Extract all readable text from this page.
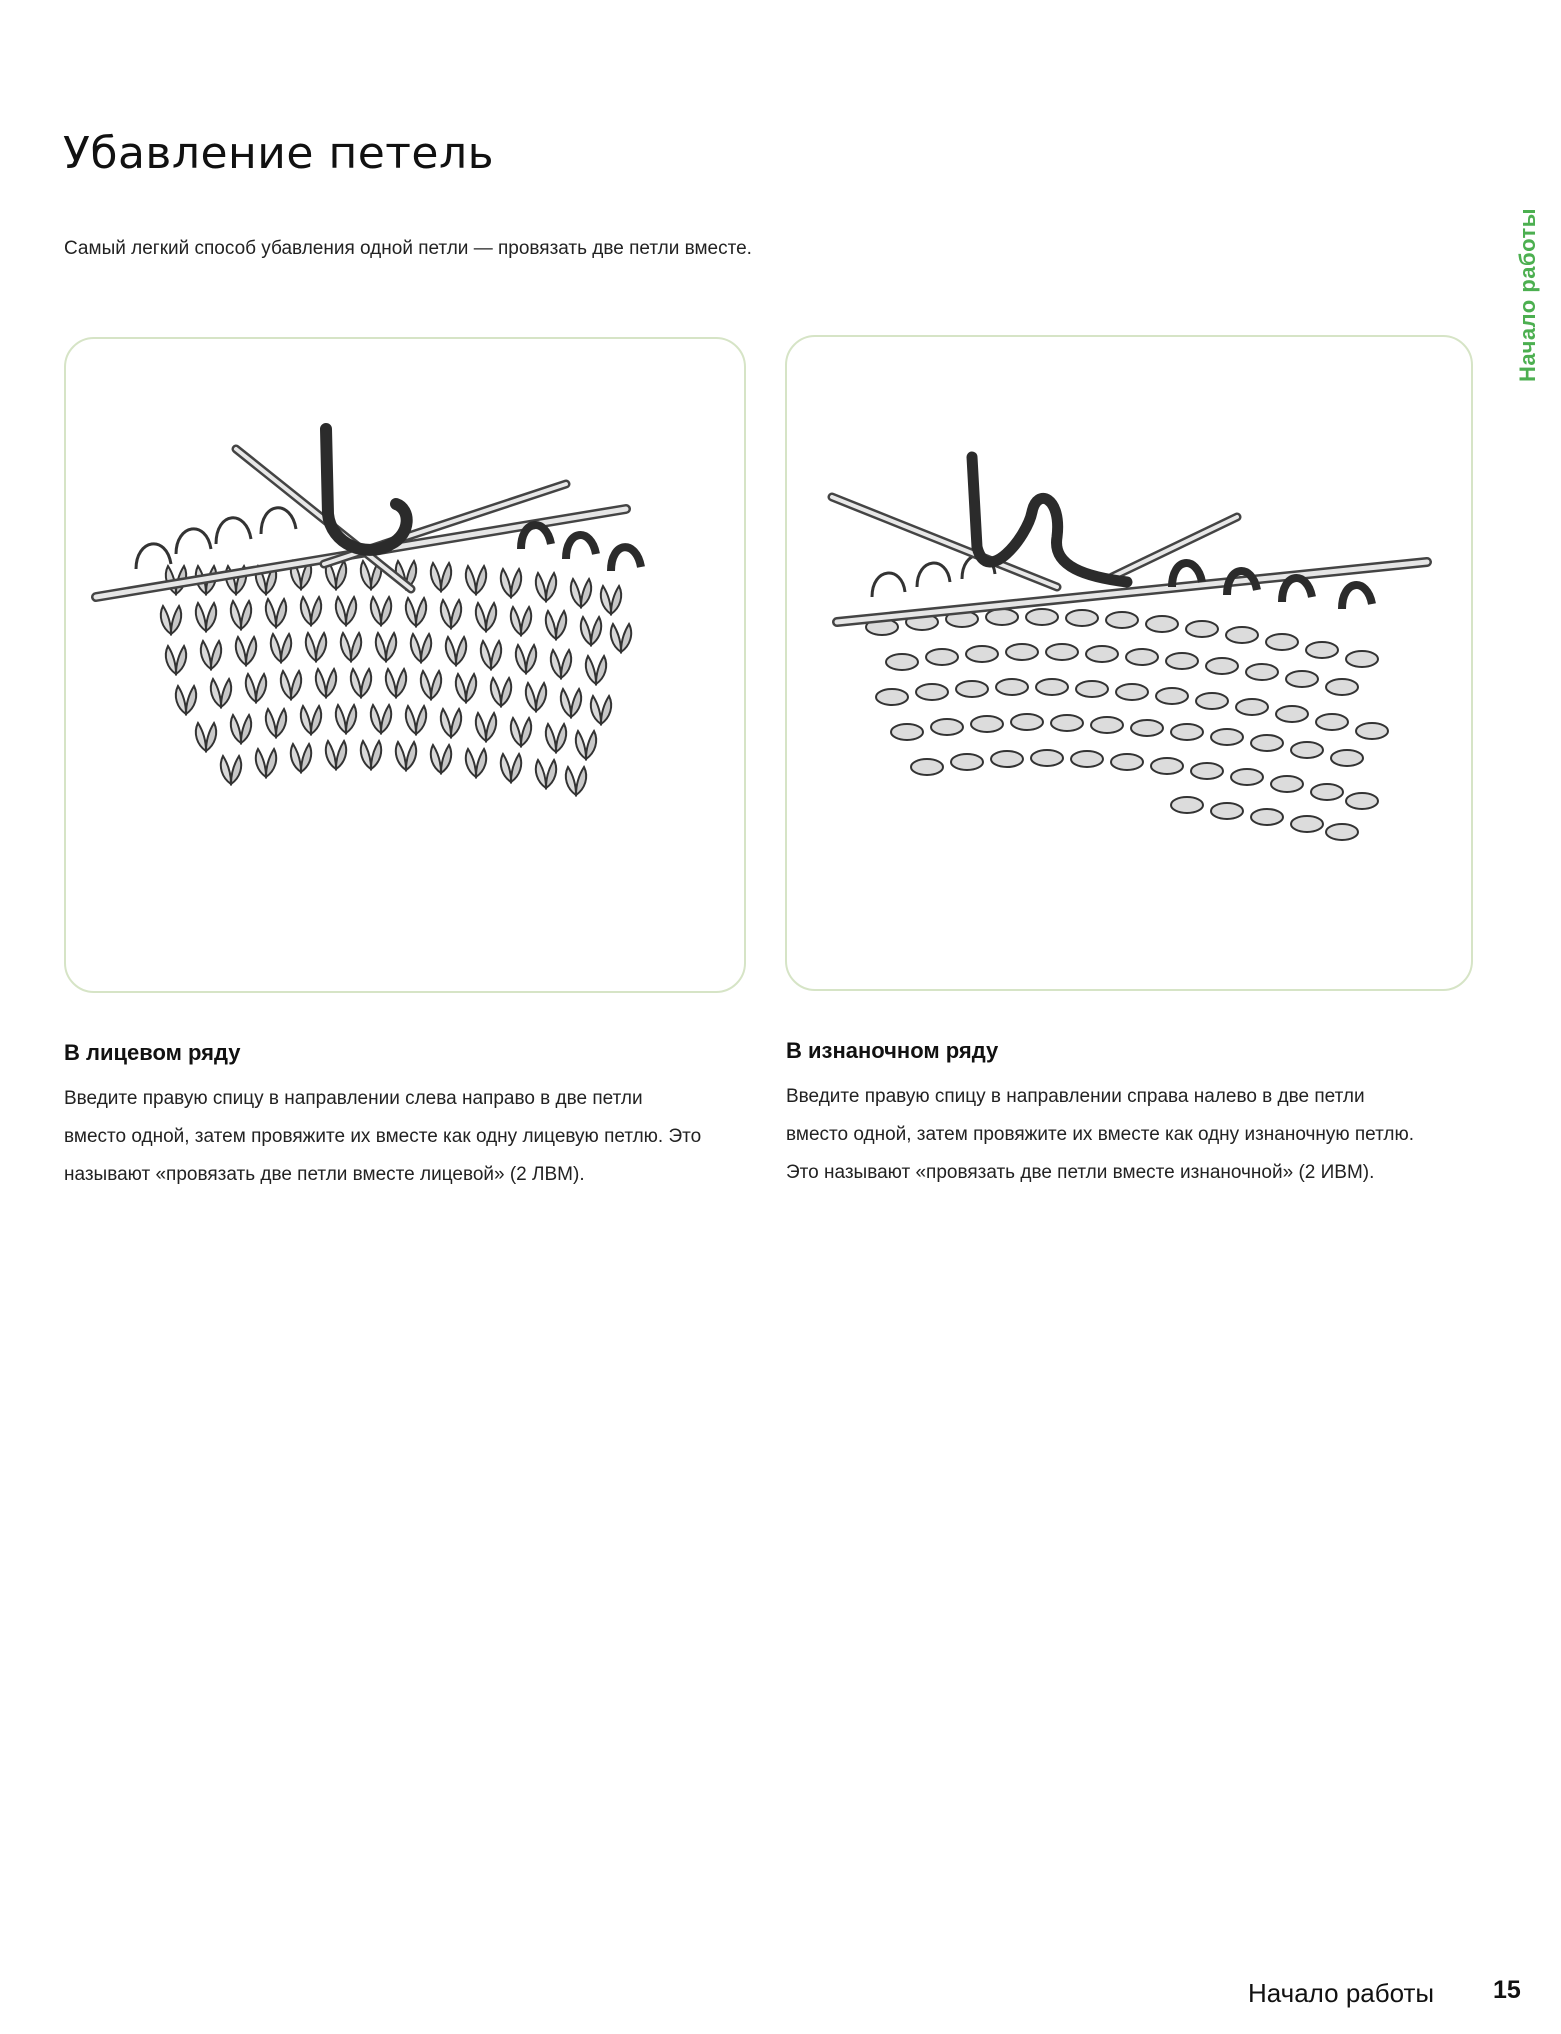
Убавление петель

Самый легкий способ убавления одной петли — провязать две петли вместе.	Начало работы
В лицевом ряду

Введите правую спицу в направлении слева направо в две петли вместо одной, затем провяжите их вместе как одну лицевую петлю. Это называют «провязать две петли вместе лицевой» (2 ЛВМ).

В изнаночном ряду

Введите правую спицу в направлении справа налево в две петли вместо одной, затем провяжите их вместе как одну изнаночную петлю. Это называют «провязать две петли вместе изнаночной» (2 ИВМ).

Начало работы 15
